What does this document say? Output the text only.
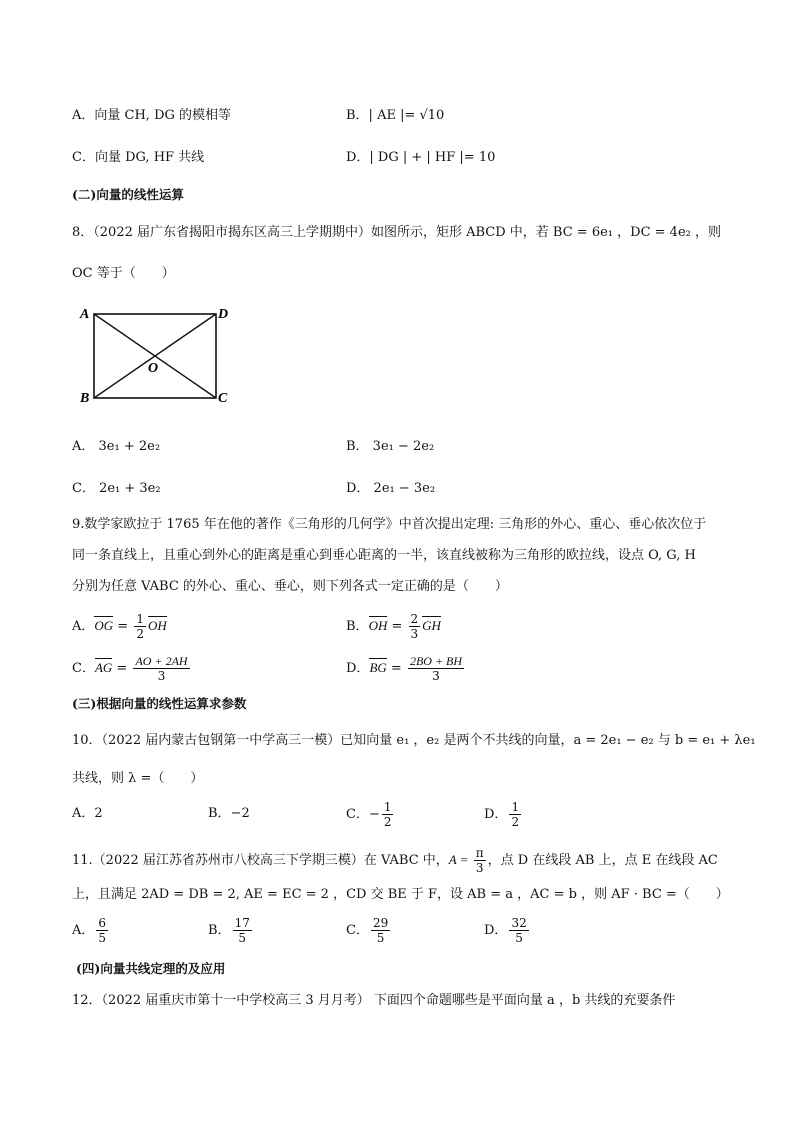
A．向量 CH, DG 的模相等	B．| AE |= √10
C．向量 DG, HF 共线	D．| DG | + | HF |= 10
(二)向量的线性运算
8．（2022 届广东省揭阳市揭东区高三上学期期中）如图所示，矩形 ABCD 中，若 BC = 6e₁ ，DC = 4e₂ ，则
OC 等于（　　）
A	D
B	C
O
A． 3e₁ + 2e₂	B． 3e₁ − 2e₂
C． 2e₁ + 3e₂	D． 2e₁ − 3e₂
9.数学家欧拉于 1765 年在他的著作《三角形的几何学》中首次提出定理: 三角形的外心、重心、垂心依次位于
同一条直线上，且重心到外心的距离是重心到垂心距离的一半，该直线被称为三角形的欧拉线，设点 O, G, H
分别为任意 VABC 的外心、重心、垂心，则下列各式一定正确的是（　　）
A．OG = $\frac{1}{2}$ OH	B．OH = $\frac{2}{3}$ GH
C．AG = $\frac{AO + 2AH}{3}$	D．BG = $\frac{2BO + BH}{3}$
(三)根据向量的线性运算求参数
10．（2022 届内蒙古包钢第一中学高三一模）已知向量 e₁ ，e₂ 是两个不共线的向量，a = 2e₁ − e₂ 与 b = e₁ + λe₁
共线，则 λ =（　　）
A．2	B．−2	C．− $\frac{1}{2}$	D． $\frac{1}{2}$
11.（2022 届江苏省苏州市八校高三下学期三模）在 VABC 中，$A = \frac{\pi}{3}$ ，点 D 在线段 AB 上，点 E 在线段 AC
上，且满足 2AD = DB = 2, AE = EC = 2 ，CD 交 BE 于 F，设 AB = a ，AC = b ，则 AF · BC =（　　）
A． $\frac{6}{5}$	B． $\frac{17}{5}$	C． $\frac{29}{5}$	D． $\frac{32}{5}$
(四)向量共线定理的及应用
12．（2022 届重庆市第十一中学校高三 3 月月考） 下面四个命题哪些是平面向量 a ，b 共线的充要条件
